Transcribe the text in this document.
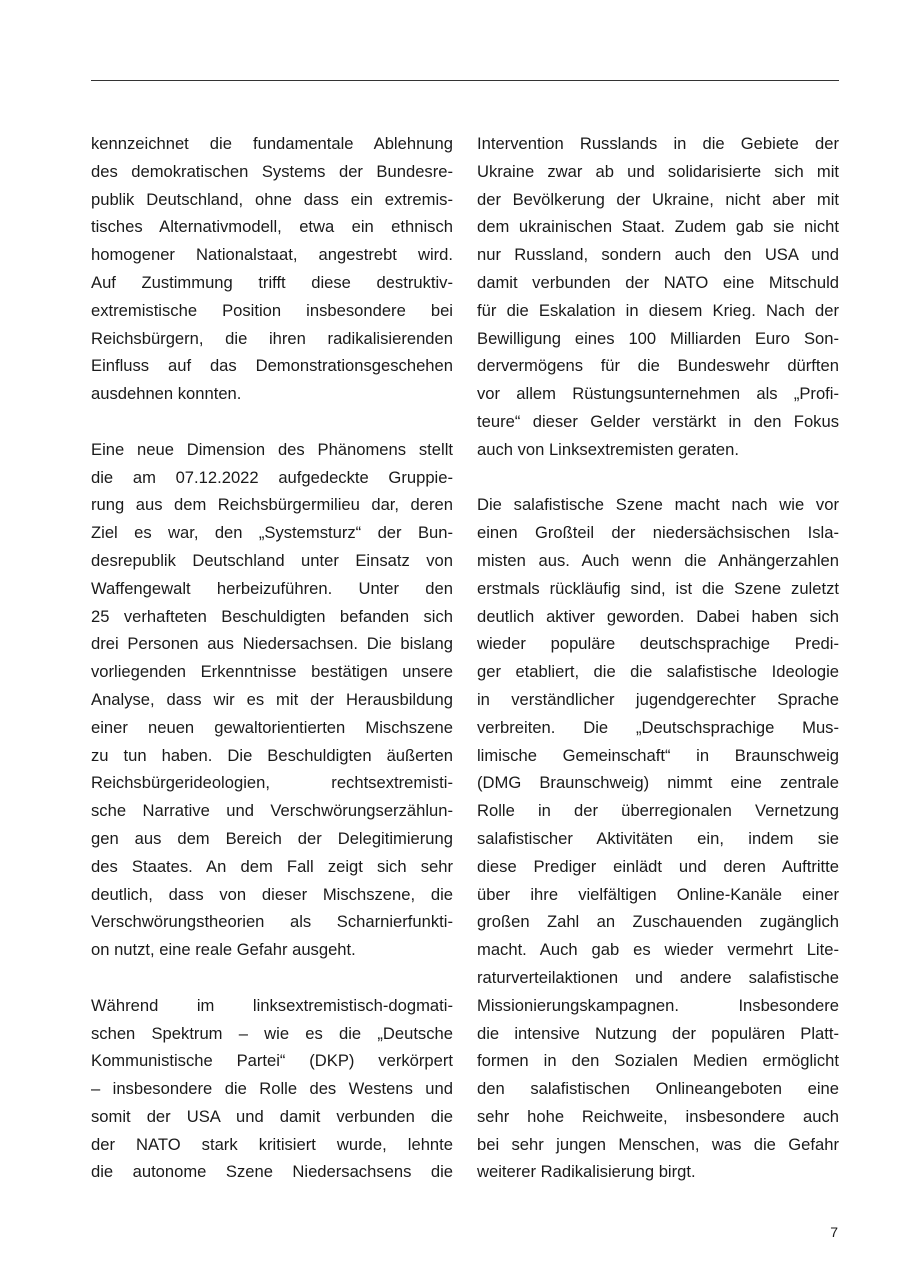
kennzeichnet die fundamentale Ablehnung
des demokratischen Systems der Bundesre-
publik Deutschland, ohne dass ein extremis-
tisches Alternativmodell, etwa ein ethnisch
homogener Nationalstaat, angestrebt wird.
Auf Zustimmung trifft diese destruktiv-
extremistische Position insbesondere bei
Reichsbürgern, die ihren radikalisierenden
Einfluss auf das Demonstrationsgeschehen
ausdehnen konnten.
Eine neue Dimension des Phänomens stellt
die am 07.12.2022 aufgedeckte Gruppie-
rung aus dem Reichsbürgermilieu dar, deren
Ziel es war, den „Systemsturz“ der Bun-
desrepublik Deutschland unter Einsatz von
Waffengewalt herbeizuführen. Unter den
25 verhafteten Beschuldigten befanden sich
drei Personen aus Niedersachsen. Die bislang
vorliegenden Erkenntnisse bestätigen unsere
Analyse, dass wir es mit der Herausbildung
einer neuen gewaltorientierten Mischszene
zu tun haben. Die Beschuldigten äußerten
Reichsbürgerideologien, rechtsextremisti-
sche Narrative und Verschwörungserzählun-
gen aus dem Bereich der Delegitimierung
des Staates. An dem Fall zeigt sich sehr
deutlich, dass von dieser Mischszene, die
Verschwörungstheorien als Scharnierfunkti-
on nutzt, eine reale Gefahr ausgeht.
Während im linksextremistisch-dogmati-
schen Spektrum – wie es die „Deutsche
Kommunistische Partei“ (DKP) verkörpert
– insbesondere die Rolle des Westens und
somit der USA und damit verbunden die
der NATO stark kritisiert wurde, lehnte
die autonome Szene Niedersachsens die
Intervention Russlands in die Gebiete der
Ukraine zwar ab und solidarisierte sich mit
der Bevölkerung der Ukraine, nicht aber mit
dem ukrainischen Staat. Zudem gab sie nicht
nur Russland, sondern auch den USA und
damit verbunden der NATO eine Mitschuld
für die Eskalation in diesem Krieg. Nach der
Bewilligung eines 100 Milliarden Euro Son-
dervermögens für die Bundeswehr dürften
vor allem Rüstungsunternehmen als „Profi-
teure“ dieser Gelder verstärkt in den Fokus
auch von Linksextremisten geraten.
Die salafistische Szene macht nach wie vor
einen Großteil der niedersächsischen Isla-
misten aus. Auch wenn die Anhängerzahlen
erstmals rückläufig sind, ist die Szene zuletzt
deutlich aktiver geworden. Dabei haben sich
wieder populäre deutschsprachige Predi-
ger etabliert, die die salafistische Ideologie
in verständlicher jugendgerechter Sprache
verbreiten. Die „Deutschsprachige Mus-
limische Gemeinschaft“ in Braunschweig
(DMG Braunschweig) nimmt eine zentrale
Rolle in der überregionalen Vernetzung
salafistischer Aktivitäten ein, indem sie
diese Prediger einlädt und deren Auftritte
über ihre vielfältigen Online-Kanäle einer
großen Zahl an Zuschauenden zugänglich
macht. Auch gab es wieder vermehrt Lite-
raturverteilaktionen und andere salafistische
Missionierungskampagnen. Insbesondere
die intensive Nutzung der populären Platt-
formen in den Sozialen Medien ermöglicht
den salafistischen Onlineangeboten eine
sehr hohe Reichweite, insbesondere auch
bei sehr jungen Menschen, was die Gefahr
weiterer Radikalisierung birgt.
7
